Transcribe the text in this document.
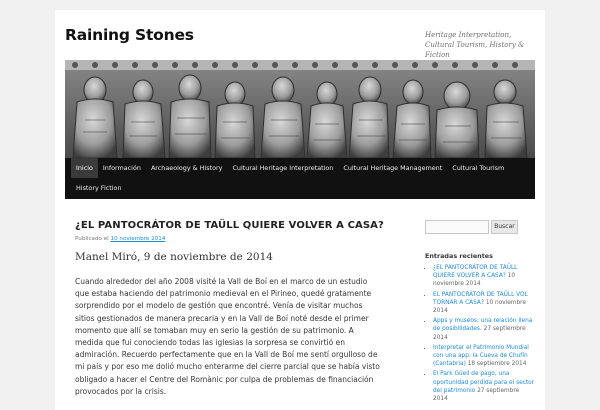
Raining Stones	Heritage Interpretation, Cultural Tourism, History & Fiction
Inicio	Información	Archaeology & History	Cultural Heritage Interpretation	Cultural Heritage Management	Cultural Tourism
History Fiction
¿EL PANTOCRÁTOR DE TAÜLL QUIERE VOLVER A CASA?
Publicado el 10 noviembre 2014
Manel Miró, 9 de noviembre de 2014
Cuando alrededor del año 2008 visité la Vall de Boí en el marco de un estudio que estaba haciendo del patrimonio medieval en el Pirineo, quedé gratamente sorprendido por el modelo de gestión que encontré. Venía de visitar muchos sitios gestionados de manera precaria y en la Vall de Boí noté desde el primer momento que allí se tomaban muy en serio la gestión de su patrimonio. A medida que fui conociendo todas las iglesias la sorpresa se convirtió en admiración. Recuerdo perfectamente que en la Vall de Boí me sentí orgulloso de mi país y por eso me dolió mucho enterarme del cierre parcial que se había visto obligado a hacer el Centre del Romànic por culpa de problemas de financiación provocados por la crisis.
Buscar
Entradas recientes
▪ ¿EL PANTOCRÁTOR DE TAÜLL QUIERE VOLVER A CASA? 10 noviembre 2014
▪ EL PANTOCRÀTOR DE TAÜLL VOL TORNAR A CASA? 10 noviembre 2014
▪ Apps y museos: una relación llena de posibilidades. 27 septiembre 2014
▪ Interpretar el Patrimonio Mundial con una app: la Cueva de Chufín (Cantabria) 18 septiembre 2014
▪ El Park Güell de pago, una oportunidad perdida para el sector del patrimonio 27 septiembre 2014
